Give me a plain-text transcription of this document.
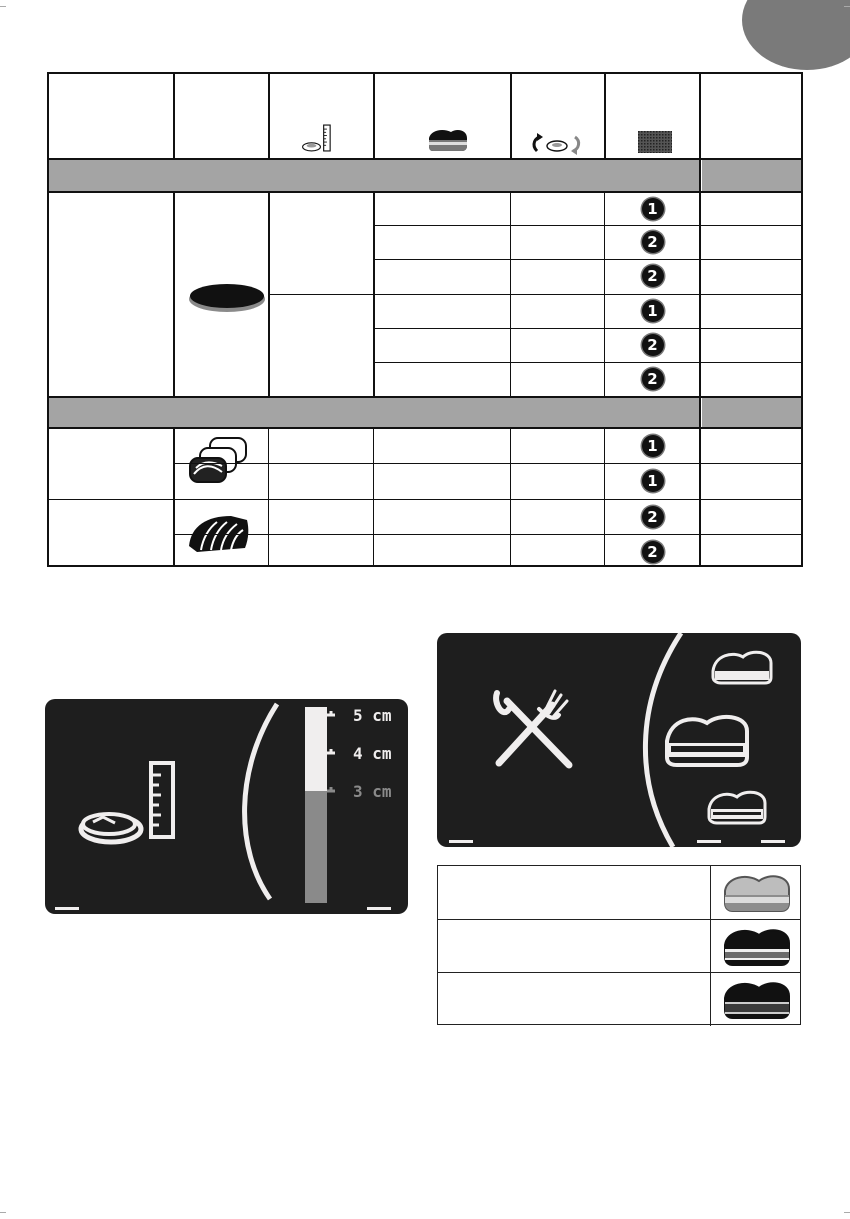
1
2
2
1
2
2
1
1
2
2
5 cm
4 cm
3 cm
